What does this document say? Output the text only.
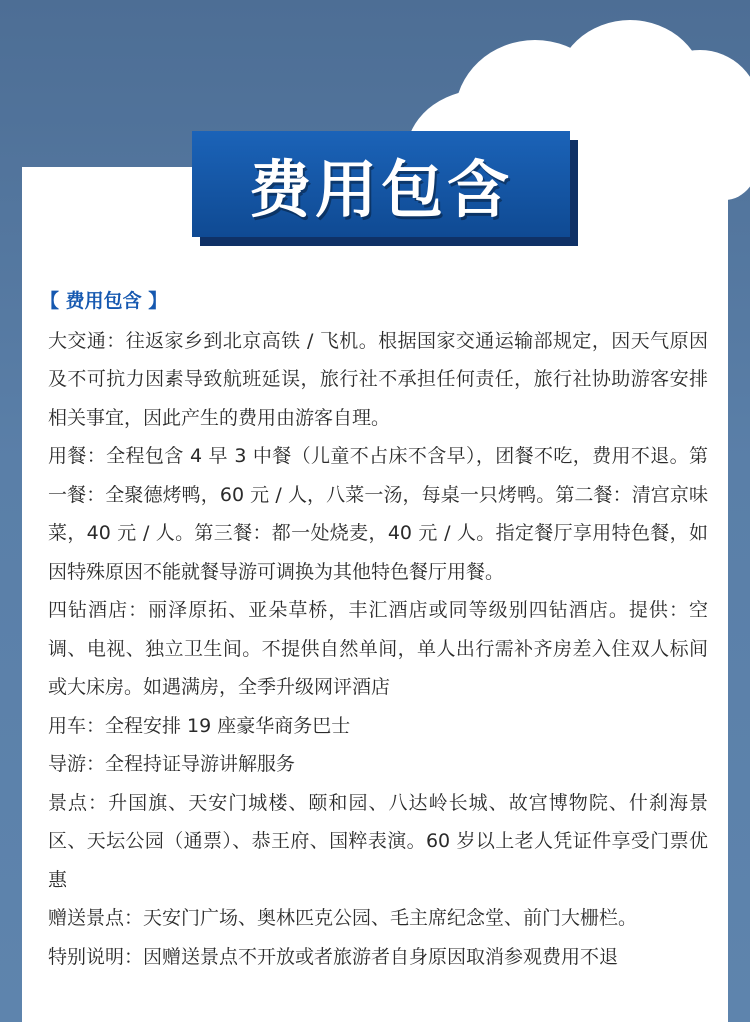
费用包含
【 费用包含 】

大交通：往返家乡到北京高铁 / 飞机。根据国家交通运输部规定，因天气原因及不可抗力因素导致航班延误，旅行社不承担任何责任，旅行社协助游客安排相关事宜，因此产生的费用由游客自理。

用餐：全程包含 4 早 3 中餐（儿童不占床不含早），团餐不吃，费用不退。第一餐：全聚德烤鸭，60 元 / 人，八菜一汤，每桌一只烤鸭。第二餐：清宫京味菜，40 元 / 人。第三餐：都一处烧麦，40 元 / 人。指定餐厅享用特色餐，如因特殊原因不能就餐导游可调换为其他特色餐厅用餐。

四钻酒店：丽泽原拓、亚朵草桥，丰汇酒店或同等级别四钻酒店。提供：空调、电视、独立卫生间。不提供自然单间，单人出行需补齐房差入住双人标间或大床房。如遇满房，全季升级网评酒店

用车：全程安排 19 座豪华商务巴士

导游：全程持证导游讲解服务

景点：升国旗、天安门城楼、颐和园、八达岭长城、故宫博物院、什刹海景区、天坛公园（通票）、恭王府、国粹表演。60 岁以上老人凭证件享受门票优惠

赠送景点：天安门广场、奥林匹克公园、毛主席纪念堂、前门大栅栏。

特别说明：因赠送景点不开放或者旅游者自身原因取消参观费用不退
